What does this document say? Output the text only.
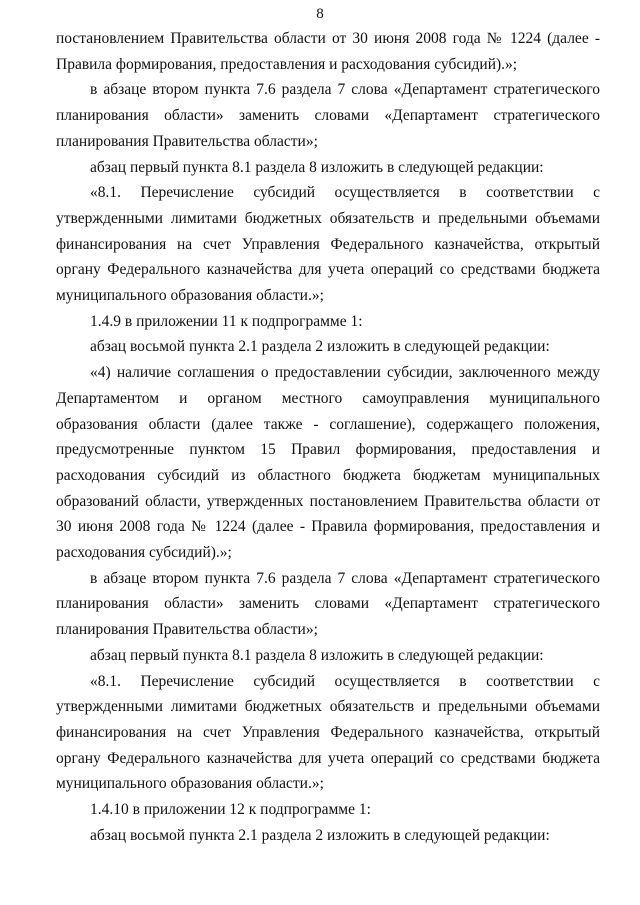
8

постановлением Правительства области от 30 июня 2008 года № 1224 (далее - Правила формирования, предоставления и расходования субсидий).»;

в абзаце втором пункта 7.6 раздела 7 слова «Департамент стратегического планирования области» заменить словами «Департамент стратегического планирования Правительства области»;

абзац первый пункта 8.1 раздела 8 изложить в следующей редакции:

«8.1. Перечисление субсидий осуществляется в соответствии с утвержденными лимитами бюджетных обязательств и предельными объемами финансирования на счет Управления Федерального казначейства, открытый органу Федерального казначейства для учета операций со средствами бюджета муниципального образования области.»;

1.4.9 в приложении 11 к подпрограмме 1:

абзац восьмой пункта 2.1 раздела 2 изложить в следующей редакции:

«4) наличие соглашения о предоставлении субсидии, заключенного между Департаментом и органом местного самоуправления муниципального образования области (далее также - соглашение), содержащего положения, предусмотренные пунктом 15 Правил формирования, предоставления и расходования субсидий из областного бюджета бюджетам муниципальных образований области, утвержденных постановлением Правительства области от 30 июня 2008 года № 1224 (далее - Правила формирования, предоставления и расходования субсидий).»;

в абзаце втором пункта 7.6 раздела 7 слова «Департамент стратегического планирования области» заменить словами «Департамент стратегического планирования Правительства области»;

абзац первый пункта 8.1 раздела 8 изложить в следующей редакции:

«8.1. Перечисление субсидий осуществляется в соответствии с утвержденными лимитами бюджетных обязательств и предельными объемами финансирования на счет Управления Федерального казначейства, открытый органу Федерального казначейства для учета операций со средствами бюджета муниципального образования области.»;

1.4.10 в приложении 12 к подпрограмме 1:

абзац восьмой пункта 2.1 раздела 2 изложить в следующей редакции:
